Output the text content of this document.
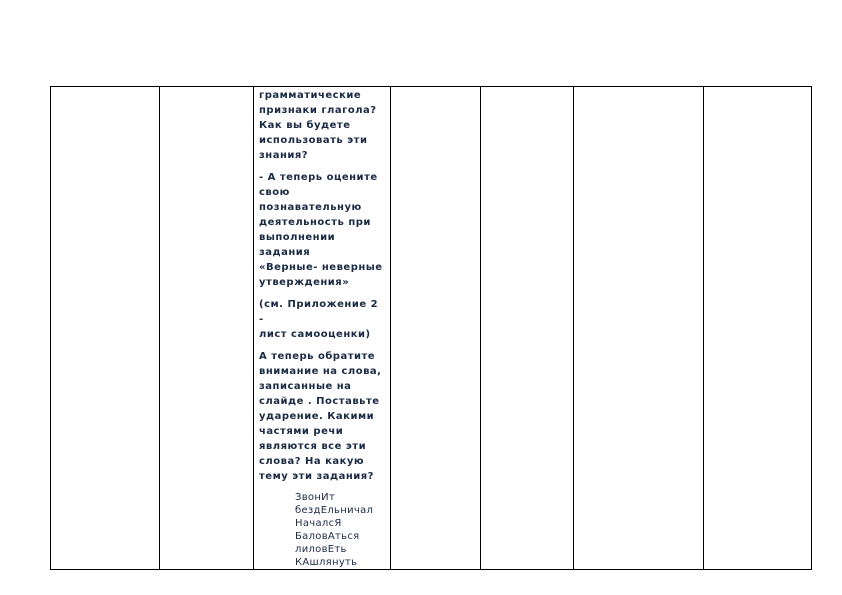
грамматические
признаки глагола?
Как вы будете
использовать эти
знания?

- А теперь оцените
свою
познавательную
деятельность при
выполнении задания
«Верные- неверные
утверждения»

(см. Приложение 2 -
лист самооценки)

А теперь обратите
внимание на слова,
записанные на
слайде . Поставьте
ударение. Какими
частями речи
являются все эти
слова? На какую
тему эти задания?

ЗвонИт
бездЕльничал
НачалсЯ
БаловАться
лиловЕть
КАшлянуть
